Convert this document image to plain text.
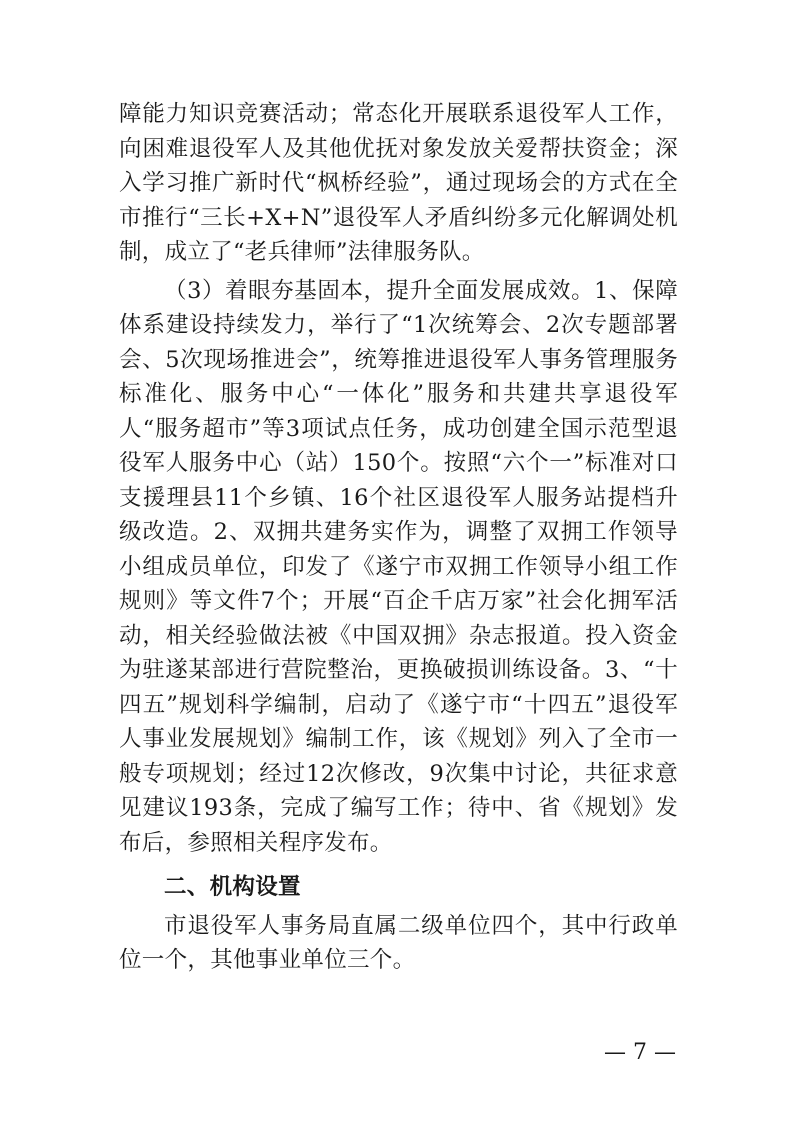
障能力知识竞赛活动；常态化开展联系退役军人工作，向困难退役军人及其他优抚对象发放关爱帮扶资金；深入学习推广新时代“枫桥经验”，通过现场会的方式在全市推行“三长+X+N”退役军人矛盾纠纷多元化解调处机制，成立了“老兵律师”法律服务队。

（3）着眼夯基固本，提升全面发展成效。1、保障体系建设持续发力，举行了“1次统筹会、2次专题部署会、5次现场推进会”，统筹推进退役军人事务管理服务标准化、服务中心“一体化”服务和共建共享退役军人“服务超市”等3项试点任务，成功创建全国示范型退役军人服务中心（站）150个。按照“六个一”标准对口支援理县11个乡镇、16个社区退役军人服务站提档升级改造。2、双拥共建务实作为，调整了双拥工作领导小组成员单位，印发了《遂宁市双拥工作领导小组工作规则》等文件7个；开展“百企千店万家”社会化拥军活动，相关经验做法被《中国双拥》杂志报道。投入资金为驻遂某部进行营院整治，更换破损训练设备。3、“十四五”规划科学编制，启动了《遂宁市“十四五”退役军人事业发展规划》编制工作，该《规划》列入了全市一般专项规划；经过12次修改，9次集中讨论，共征求意见建议193条，完成了编写工作；待中、省《规划》发布后，参照相关程序发布。

二、机构设置

市退役军人事务局直属二级单位四个，其中行政单位一个，其他事业单位三个。

— 7 —
